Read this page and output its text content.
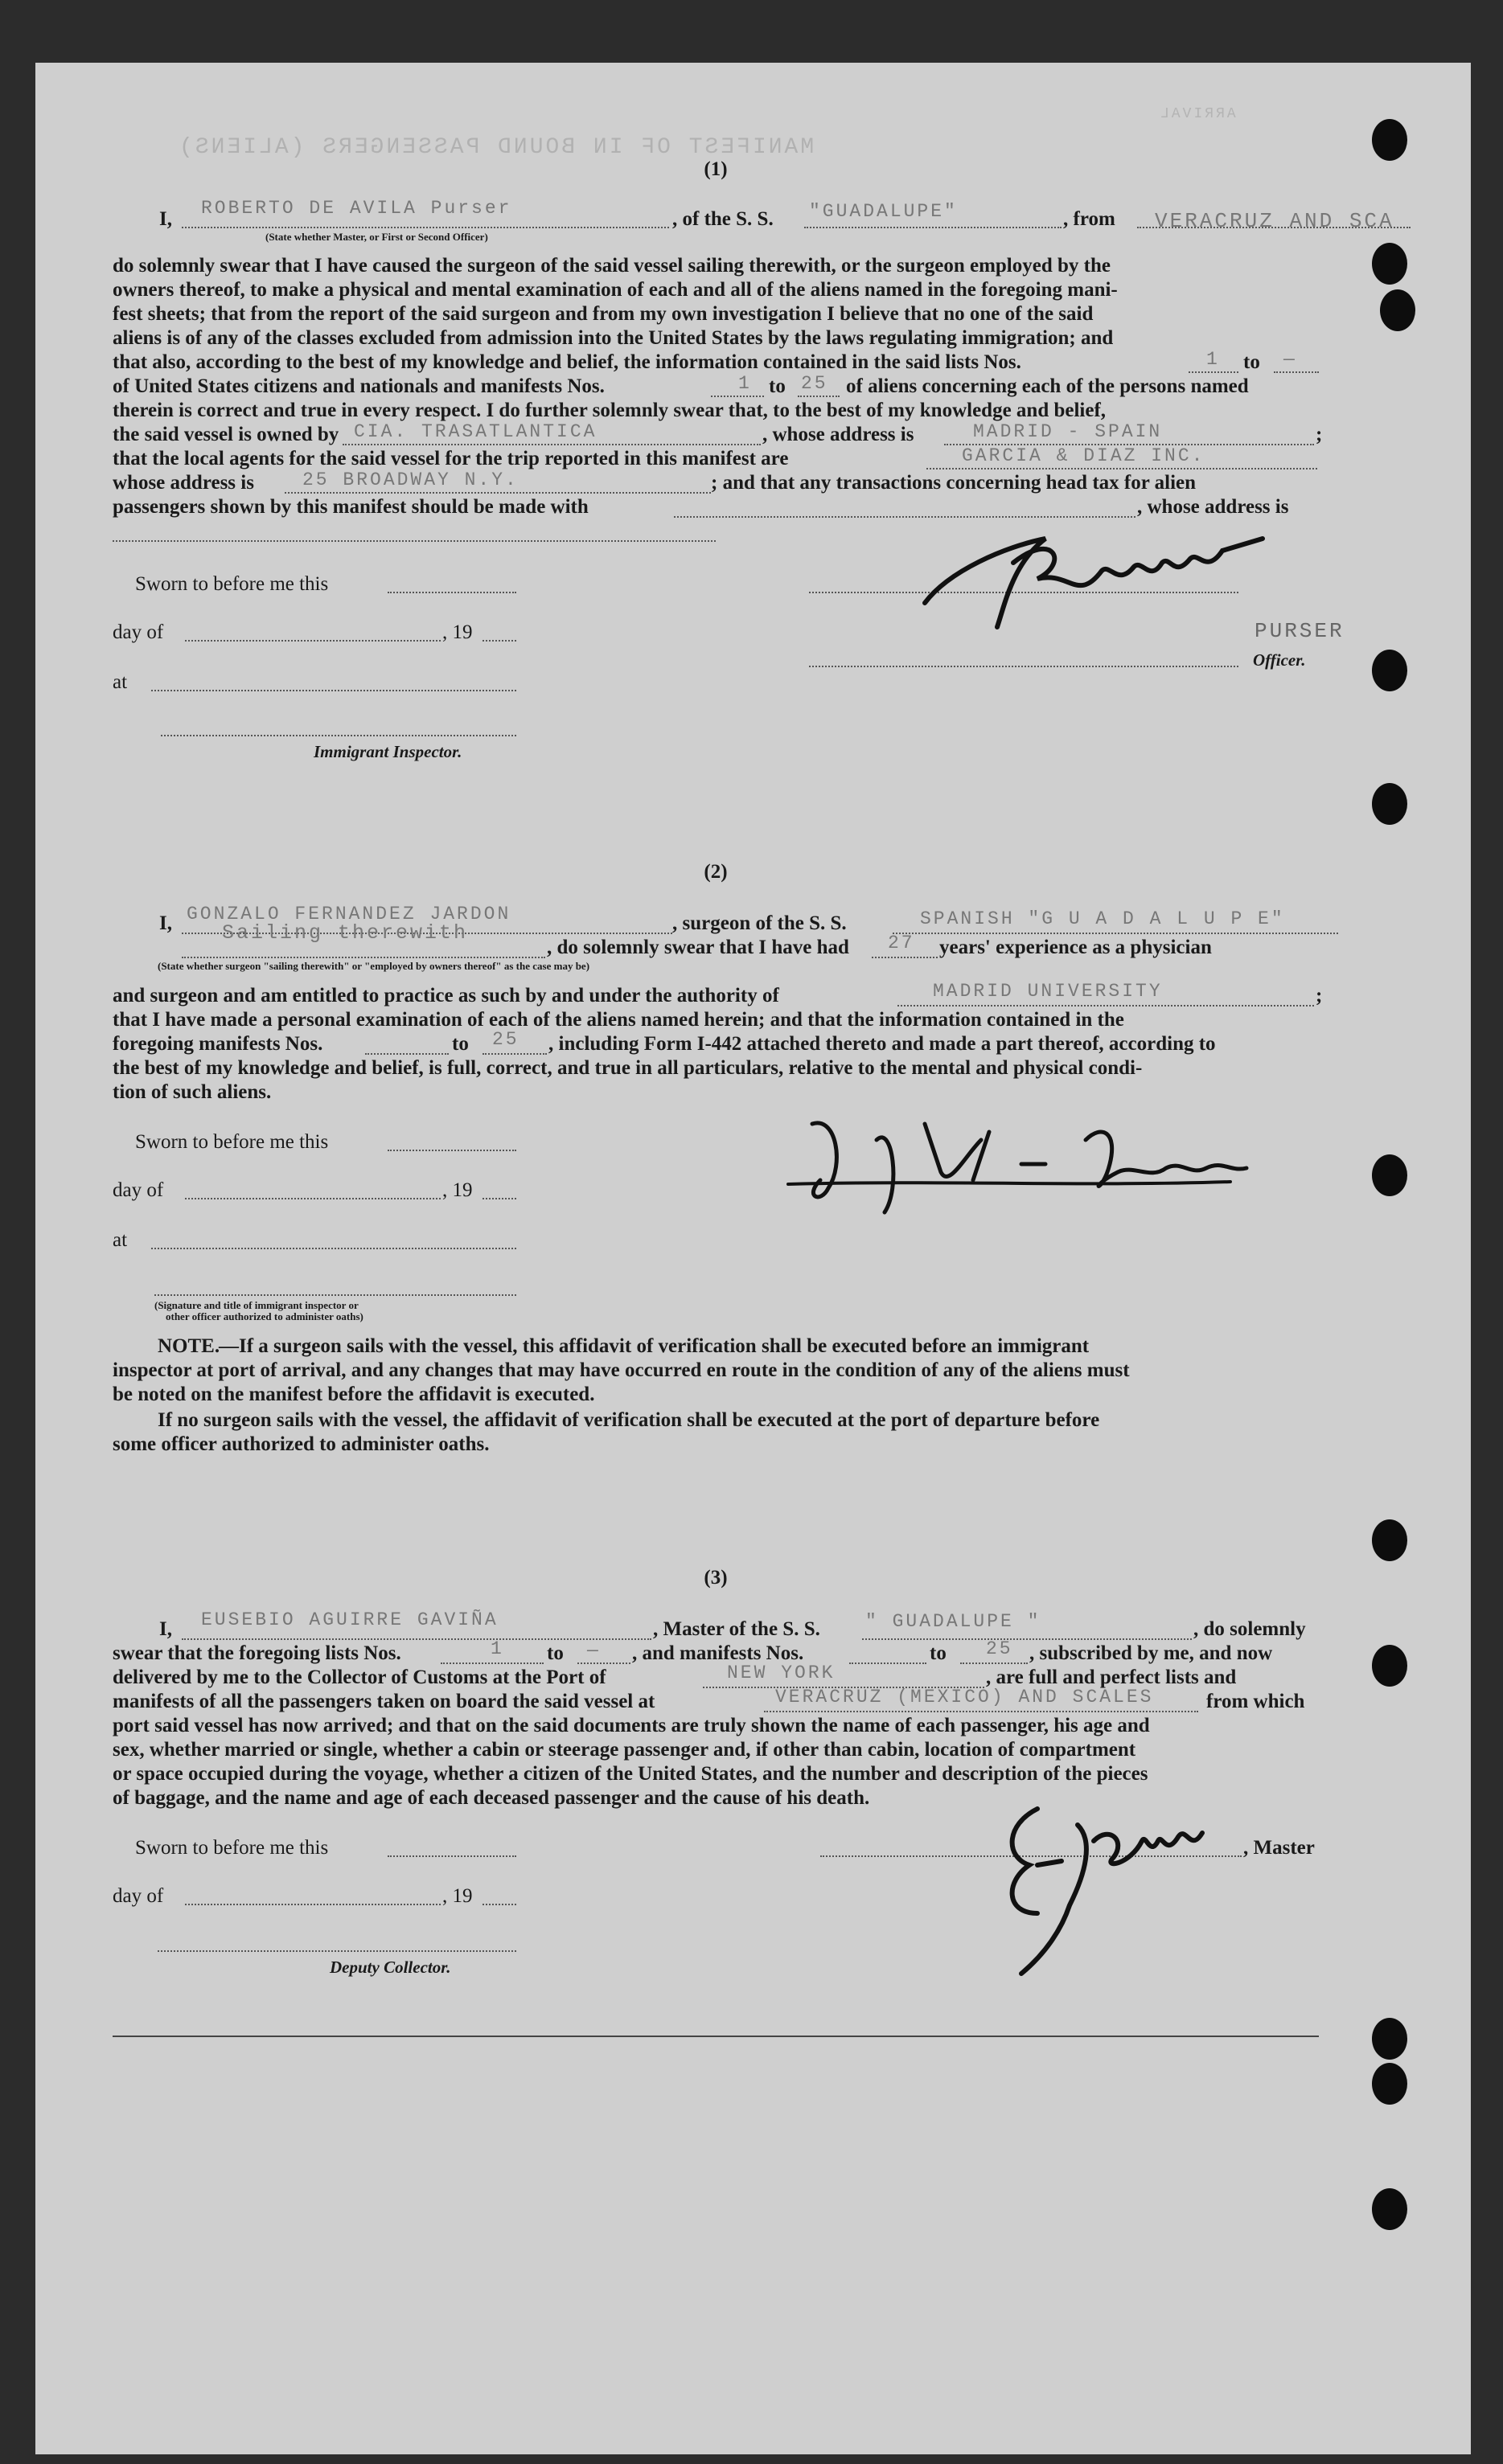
MANIFEST OF IN BOUND PASSENGERS (ALIENS)
ARRIVAL
(1)
I, ROBERTO DE AVILA Purser
(State whether Master, or First or Second Officer)
, of the S. S. "GUADALUPE"	, from VERACRUZ AND SCA
do solemnly swear that I have caused the surgeon of the said vessel sailing therewith, or the surgeon employed by the
owners thereof, to make a physical and mental examination of each and all of the aliens named in the foregoing mani-
fest sheets; that from the report of the said surgeon and from my own investigation I believe that no one of the said
aliens is of any of the classes excluded from admission into the United States by the laws regulating immigration; and
that also, according to the best of my knowledge and belief, the information contained in the said lists Nos.	1 to —
of United States citizens and nationals and manifests Nos.	1 to 25 of aliens concerning each of the persons named
therein is correct and true in every respect. I do further solemnly swear that, to the best of my knowledge and belief,
the said vessel is owned by CIA. TRASATLANTICA	, whose address is	MADRID - SPAIN	;
that the local agents for the said vessel for the trip reported in this manifest are	GARCIA & DIAZ INC.
whose address is	25 BROADWAY N.Y.	; and that any transactions concerning head tax for alien
passengers shown by this manifest should be made with	, whose address is
Sworn to before me this
day of	, 19	PURSER
at
Officer.
Immigrant Inspector.
(2)
I, GONZALO FERNANDEZ JARDON	, surgeon of the S. S.	SPANISH "G U A D A L U P E"
Sailing therewith
(State whether surgeon "sailing therewith" or "employed by owners thereof" as the case may be)
, do solemnly swear that I have had 27 years' experience as a physician
and surgeon and am entitled to practice as such by and under the authority of	MADRID UNIVERSITY	;
that I have made a personal examination of each of the aliens named herein; and that the information contained in the
foregoing manifests Nos.	to 25 , including Form I-442 attached thereto and made a part thereof, according to
the best of my knowledge and belief, is full, correct, and true in all particulars, relative to the mental and physical condi-
tion of such aliens.
Sworn to before me this
day of	, 19
at
(Signature and title of immigrant inspector or
other officer authorized to administer oaths)
NOTE.
—If a surgeon sails with the vessel, this affidavit of verification shall be executed before an immigrant
inspector at port of arrival, and any changes that may have occurred en route in the condition of any of the aliens must
be noted on the manifest before the affidavit is executed.
If no surgeon sails with the vessel, the affidavit of verification shall be executed at the port of departure before
some officer authorized to administer oaths.
(3)
I, EUSEBIO AGUIRRE GAVIÑA	, Master of the S. S. " GUADALUPE "	, do solemnly
swear that the foregoing lists Nos.	1 to — , and manifests Nos.	to 25 , subscribed by me, and now
delivered by me to the Collector of Customs at the Port of	NEW YORK	, are full and perfect lists and
manifests of all the passengers taken on board the said vessel at	VERACRUZ (MEXICO) AND SCALES	from which
port said vessel has now arrived; and that on the said documents are truly shown the name of each passenger, his age and
sex, whether married or single, whether a cabin or steerage passenger and, if other than cabin, location of compartment
or space occupied during the voyage, whether a citizen of the United States, and the number and description of the pieces
of baggage, and the name and age of each deceased passenger and the cause of his death.
Sworn to before me this	, Master
day of	, 19
Deputy Collector.
